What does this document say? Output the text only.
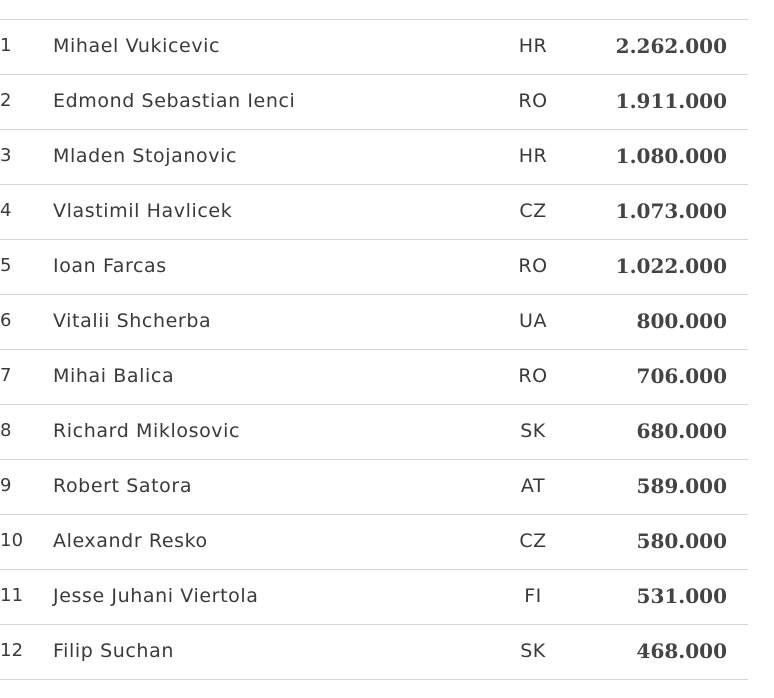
1 Mihael Vukicevic	HR	2.262.000
2 Edmond Sebastian Ienci	RO	1.911.000
3 Mladen Stojanovic	HR	1.080.000
4 Vlastimil Havlicek	CZ	1.073.000
5 Ioan Farcas	RO	1.022.000
6 Vitalii Shcherba	UA	800.000
7 Mihai Balica	RO	706.000
8 Richard Miklosovic	SK	680.000
9 Robert Satora	AT	589.000
10 Alexandr Resko	CZ	580.000
11 Jesse Juhani Viertola	FI	531.000
12 Filip Suchan	SK	468.000
